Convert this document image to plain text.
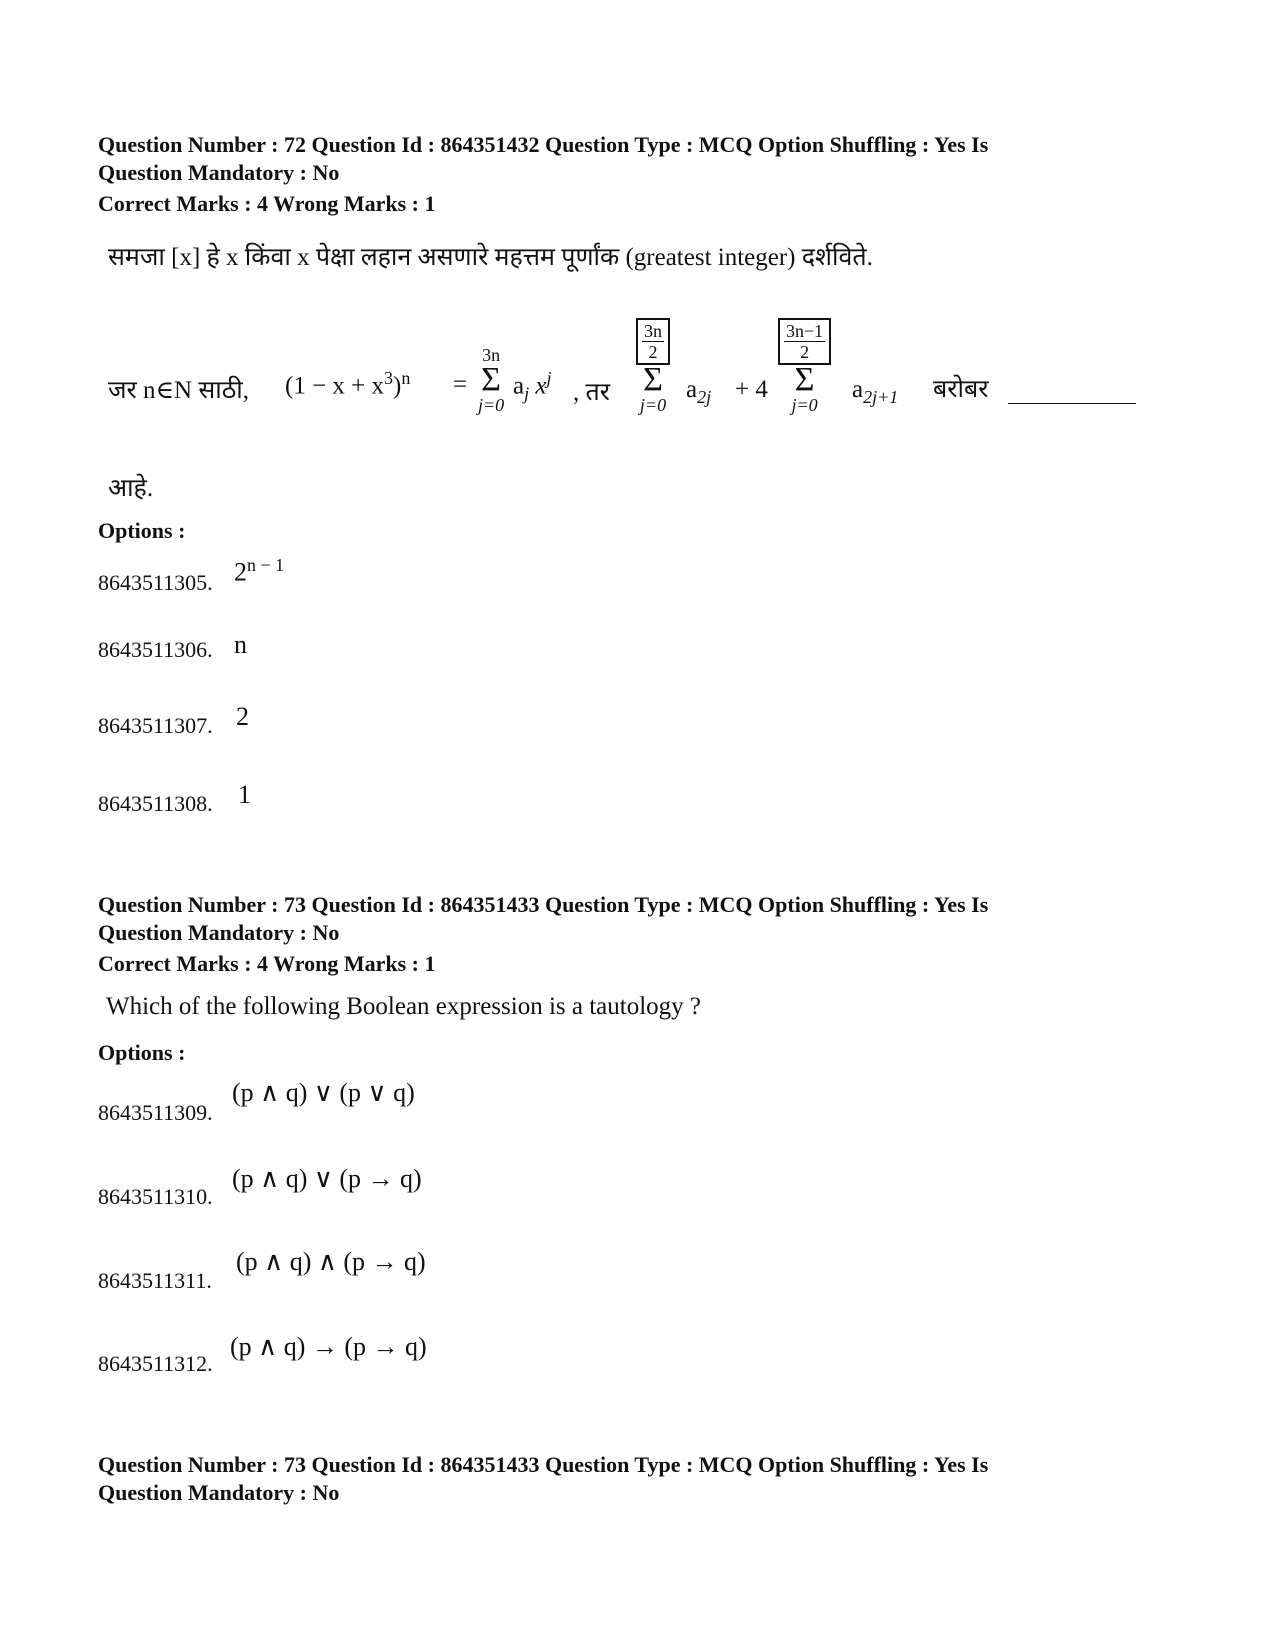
Question Number : 72 Question Id : 864351432 Question Type : MCQ Option Shuffling : Yes Is
Question Mandatory : No
Correct Marks : 4 Wrong Marks : 1
समजा [x] हे x किंवा x पेक्षा लहान असणारे महत्तम पूर्णांक (greatest integer) दर्शविते.
जर n∈N साठी, $(1 - x + x^3)^n$ =
3n
Σ
j=0
$a_j$ $x^j$
, तर
$\frac{3n}{2}$
Σ
j=0
$a_{2j} + 4$
$\frac{3n-1}{2}$
Σ
j=0
$a_{2j+1}$ बरोबर
आहे.
Options :
8643511305. $2^{n - 1}$
8643511306. n
8643511307. 2
8643511308. 1
Question Number : 73 Question Id : 864351433 Question Type : MCQ Option Shuffling : Yes Is
Question Mandatory : No
Correct Marks : 4 Wrong Marks : 1
Which of the following Boolean expression is a tautology ?
Options :
8643511309.
(p ∧ q) ∨ (p ∨ q)
8643511310.
(p ∧ q) ∨ (p → q)
8643511311.
(p ∧ q) ∧ (p → q)
8643511312.
(p ∧ q) → (p → q)
Question Number : 73 Question Id : 864351433 Question Type : MCQ Option Shuffling : Yes Is
Question Mandatory : No
